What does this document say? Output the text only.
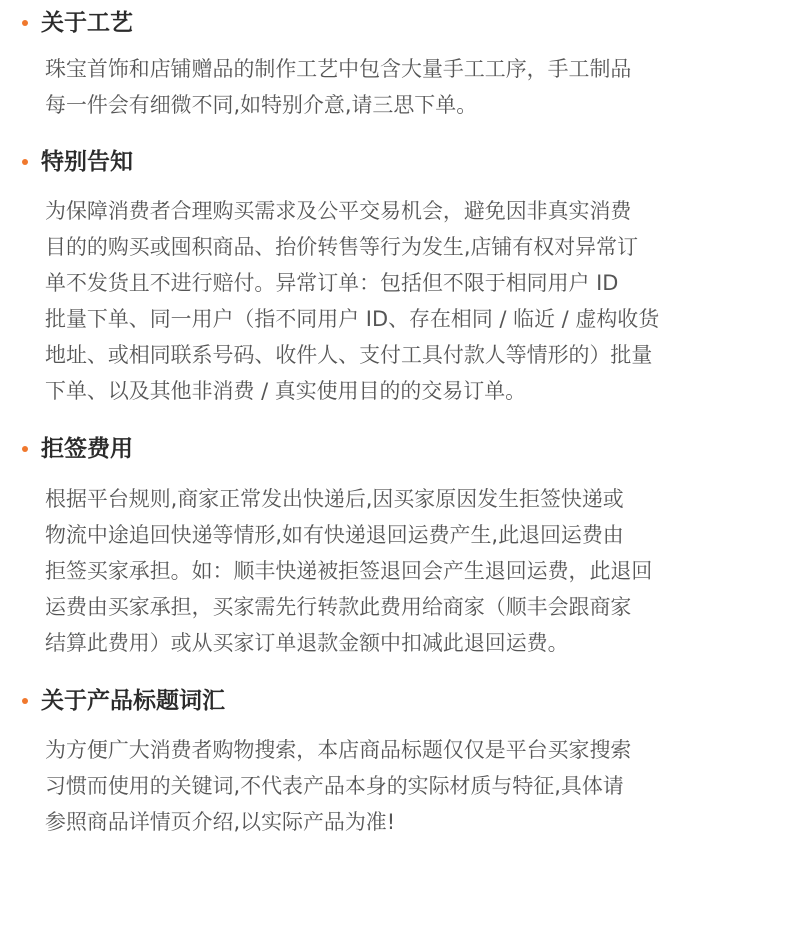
关于工艺
珠宝首饰和店铺赠品的制作工艺中包含大量手工工序，手工制品
每一件会有细微不同,如特别介意,请三思下单。
特别告知
为保障消费者合理购买需求及公平交易机会，避免因非真实消费
目的的购买或囤积商品、抬价转售等行为发生,店铺有权对异常订
单不发货且不进行赔付。异常订单：包括但不限于相同用户 ID
批量下单、同一用户（指不同用户 ID、存在相同 / 临近 / 虚构收货
地址、或相同联系号码、收件人、支付工具付款人等情形的）批量
下单、以及其他非消费 / 真实使用目的的交易订单。
拒签费用
根据平台规则,商家正常发出快递后,因买家原因发生拒签快递或
物流中途追回快递等情形,如有快递退回运费产生,此退回运费由
拒签买家承担。如：顺丰快递被拒签退回会产生退回运费，此退回
运费由买家承担，买家需先行转款此费用给商家（顺丰会跟商家
结算此费用）或从买家订单退款金额中扣减此退回运费。
关于产品标题词汇
为方便广大消费者购物搜索，本店商品标题仅仅是平台买家搜索
习惯而使用的关键词,不代表产品本身的实际材质与特征,具体请
参照商品详情页介绍,以实际产品为准!
